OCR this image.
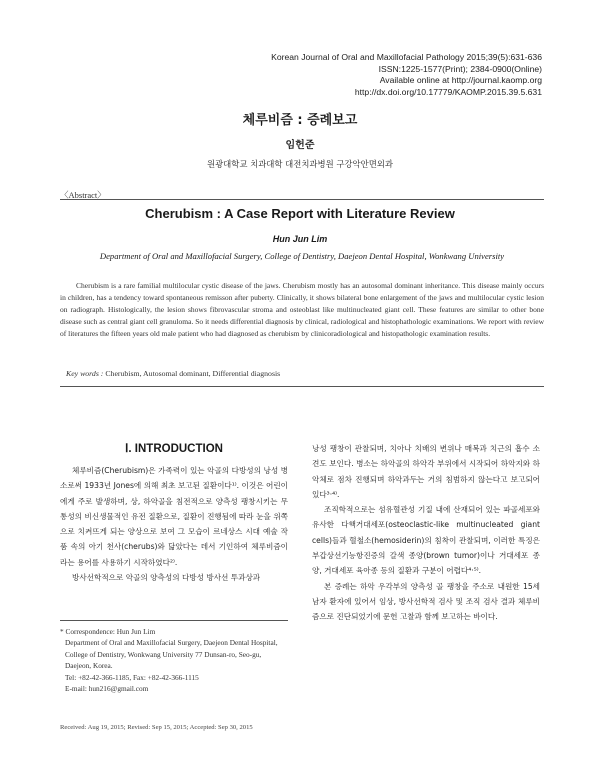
Korean Journal of Oral and Maxillofacial Pathology 2015;39(5):631-636
ISSN:1225-1577(Print); 2384-0900(Online)
Available online at http://journal.kaomp.org
http://dx.doi.org/10.17779/KAOMP.2015.39.5.631
체루비즘 : 증례보고
임헌준
원광대학교 치과대학 대전치과병원 구강악안면외과
〈Abstract〉
Cherubism : A Case Report with Literature Review
Hun Jun Lim
Department of Oral and Maxillofacial Surgery, College of Dentistry, Daejeon Dental Hospital, Wonkwang University
Cherubism is a rare familial multilocular cystic disease of the jaws. Cherubism mostly has an autosomal dominant inheritance. This disease mainly occurs in children, has a tendency toward spontaneous remisson after puberty. Clinically, it shows bilateral bone enlargement of the jaws and multilocular cystic lesion on radiograph. Histologically, the lesion shows fibrovascular stroma and osteoblast like multinucleated giant cell. These features are similar to other bone disease such as central giant cell granuloma. So it needs differential diagnosis by clinical, radiological and histophathologic examinations. We report with review of literatures the fifteen years old male patient who had diagnosed as cherubism by clinicoradiological and histopathologic examination results.
Key words : Cherubism, Autosomal dominant, Differential diagnosis
Ⅰ. INTRODUCTION

체루비즘(Cherubism)은 가족력이 있는 악골의 다방성의 낭성 병소로써 1933년 Jones에 의해 최초 보고된 질환이다¹⁾. 이것은 어린이에게 주로 발생하며, 상, 하악골을 침전적으로 양측성 팽창시키는 무통성의 비신생물적인 유전 질환으로, 질환이 진행됨에 따라 눈을 위쪽으로 치켜뜨게 되는 양상으로 보여 그 모습이 르네상스 시대 예술 작품 속의 아기 천사(cherubs)와 닮았다는 데서 기인하여 체루비즘이라는 용어를 사용하기 시작하였다²⁾.

방사선학적으로 악골의 양측성의 다방성 방사선 투과상과

낭성 팽창이 관찰되며, 치아나 치배의 변위나 매복과 치근의 흡수 소견도 보인다. 병소는 하악골의 하악각 부위에서 시작되어 하악지와 하악체로 점차 진행되며 하악과두는 거의 침범하지 않는다고 보고되어 있다³·⁴⁾.

조직학적으로는 섬유혈관성 기질 내에 산재되어 있는 파골세포와 유사한 다핵거대세포(osteoclastic-like multinucleated giant cells)들과 혈철소(hemosiderin)의 침착이 관찰되며, 이러한 특징은 부갑상선기능항진증의 갈색 종양(brown tumor)이나 거대세포 종양, 거대세포 육아종 등의 질환과 구분이 어렵다⁴·⁵⁾.

본 증례는 하악 우각부의 양측성 골 팽창을 주소로 내원한 15세 남자 환자에 있어서 임상, 방사선학적 검사 및 조직 검사 결과 체루비즘으로 진단되었기에 문헌 고찰과 함께 보고하는 바이다.

* Correspondence: Hun Jun Lim
Department of Oral and Maxillofacial Surgery, Daejeon Dental Hospital, College of Dentistry, Wonkwang University 77 Dunsan-ro, Seo-gu, Daejeon, Korea.
Tel: +82-42-366-1185, Fax: +82-42-366-1115
E-mail: hun216@gmail.com
Received: Aug 19, 2015; Revised: Sep 15, 2015; Accepted: Sep 30, 2015
